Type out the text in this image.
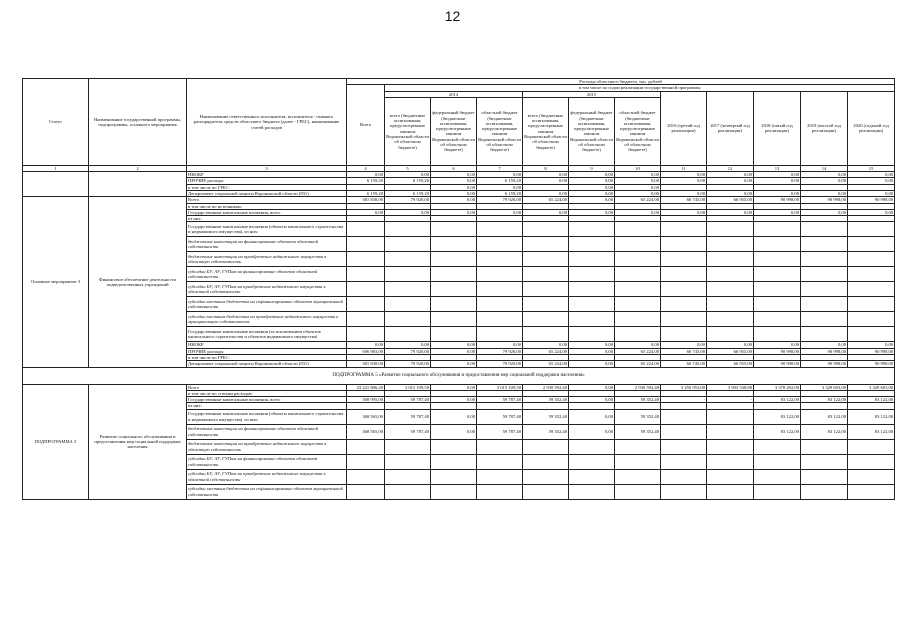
12
Статус	Наименование государственной программы, подпрограммы, основного мероприятия	Наименование ответственного исполнителя, исполнителя - главного распорядителя средств областного бюджета (далее - ГРБС), наименование статей расходов	Расходы областного бюджета, тыс. рублей											
			Всего	в том числе по годам реализации государственной программы										
				2014			2015			2016 (третий год реализации)	2017 (четвертый год реализации)	2018 (пятый год реализации)	2019 (шестой год реализации)	2020 (седьмой год реализации)
				всего (бюджетные ассигнования, предусмотренные законом Воронежской области об областном бюджете)	федеральный бюджет (бюджетные ассигнования, предусмотренные законом Воронежской области об областном бюджете)	областной бюджет (бюджетные ассигнования, предусмотренные законом Воронежской области об областном бюджете)	всего (бюджетные ассигнования, предусмотренные законом Воронежской области об областном бюджете)	федеральный бюджет (бюджетные ассигнования, предусмотренные законом Воронежской области об областном бюджете)	областной бюджет (бюджетные ассигнования, предусмотренные законом Воронежской области об областном бюджете)					
1	2	3	4	5	6	7	8	9	10	11	12	13	14	15
		НИОКР	0,00	0,00	0,00	0,00	0,00	0,00	0,00	0,00	0,00	0,00	0,00	0,00
		ПРОЧИЕ расходы	6 159,20	6 159,20	0,00	6 159,20	0,00	0,00	0,00	0,00	0,00	0,00	0,00	0,00
		в том числе по ГРБС:			0,00	0,00		0,00	0,00					
		Департамент социальной защиты Воронежской области (831)	6 159,20	6 159,20	0,00	6 159,20	0,00	0,00	0,00	0,00	0,00	0,00	0,00	0,00
Основное мероприятие 3	Финансовое обеспечение деятельности подведомственных учреждений	Всего	381 838,00	79 920,00	0,00	79 920,00	65 224,00	0,00	65 224,00	66 745,00	66 955,00	90 998,00	90 998,00	90 998,00
		в том числе по источникам:												
		Государственные капитальные вложения, всего	0,00	0,00	0,00	0,00	0,00	0,00	0,00	0,00	0,00	0,00	0,00	0,00
		из них:												
		Государственные капитальные вложения (объекты капитального строительства и недвижимого имущества), из них:												
		бюджетные инвестиции на финансирование объектов областной собственности												
		бюджетные инвестиции на приобретение недвижимого имущества в областную собственность												
		субсидии БУ, АУ, ГУПам на финансирование объектов областной собственности												
		субсидии БУ, АУ, ГУПам на приобретение недвижимого имущества в областной собственности												
		субсидии местным бюджетам на софинансирование объектов муниципальной собственности												
		субсидии местным бюджетам на приобретение недвижимого имущества в муниципальную собственность												
		Государственные капитальные вложения (за исключением объектов капитального строительства и объектов недвижимого имущества)												
		НИОКР	0,00	0,00	0,00	0,00	0,00	0,00	0,00	0,00	0,00	0,00	0,00	0,00
		ПРОЧИЕ расходы	696 983,00	79 920,00	0,00	79 920,00	65 224,00	0,00	65 224,00	66 745,00	66 955,00	90 998,00	90 998,00	90 998,00
		в том числе по ГРБС:												
		Департамент социальной защиты Воронежской области (831)	381 838,00	79 920,00	0,00	79 920,00	65 224,00	0,00	65 224,00	66 745,00	66 955,00	90 998,00	90 998,00	90 998,00
ПОДПРОГРАММА 5 «Развитие социального обслуживания и предоставления мер социальной поддержки населения»														
ПОДПРОГРАММА 5	Развитие социального обслуживания и предоставления мер социальной поддержки населения	Всего	23 221 806,20	3 015 109,50	0,00	3 015 109,50	2 930 592,40	0,00	2 930 592,40	3 250 953,00	3 903 538,80	3 378 492,00	3 329 603,00	3 329 603,00
		в том числе по статьям расходов:												
		Государственные капитальные вложения, всего	308 995,00	59 787,40	0,00	59 787,40	59 352,40	0,00	59 352,40	-	-	83 122,00	83 122,00	83 122,00
		из них:												
		Государственные капитальные вложения (объекты капитального строительства и недвижимого имущества), из них:	368 565,00	59 787,40	0,00	59 787,40	59 352,40	0,00	59 352,40			83 122,00	83 122,00	83 122,00
		бюджетные инвестиции на финансирование объектов областной собственности	368 565,00	59 787,40	0,00	59 787,40	59 352,40	0,00	59 352,40			83 122,00	83 122,00	83 122,00
		бюджетные инвестиции на приобретение недвижимого имущества в областную собственность												
		субсидии БУ, АУ, ГУПам на финансирование объектов областной собственности												
		субсидии БУ, АУ, ГУПам на приобретение недвижимого имущества в областной собственности												
		субсидии местным бюджетам на софинансирование объектов муниципальной собственности												
